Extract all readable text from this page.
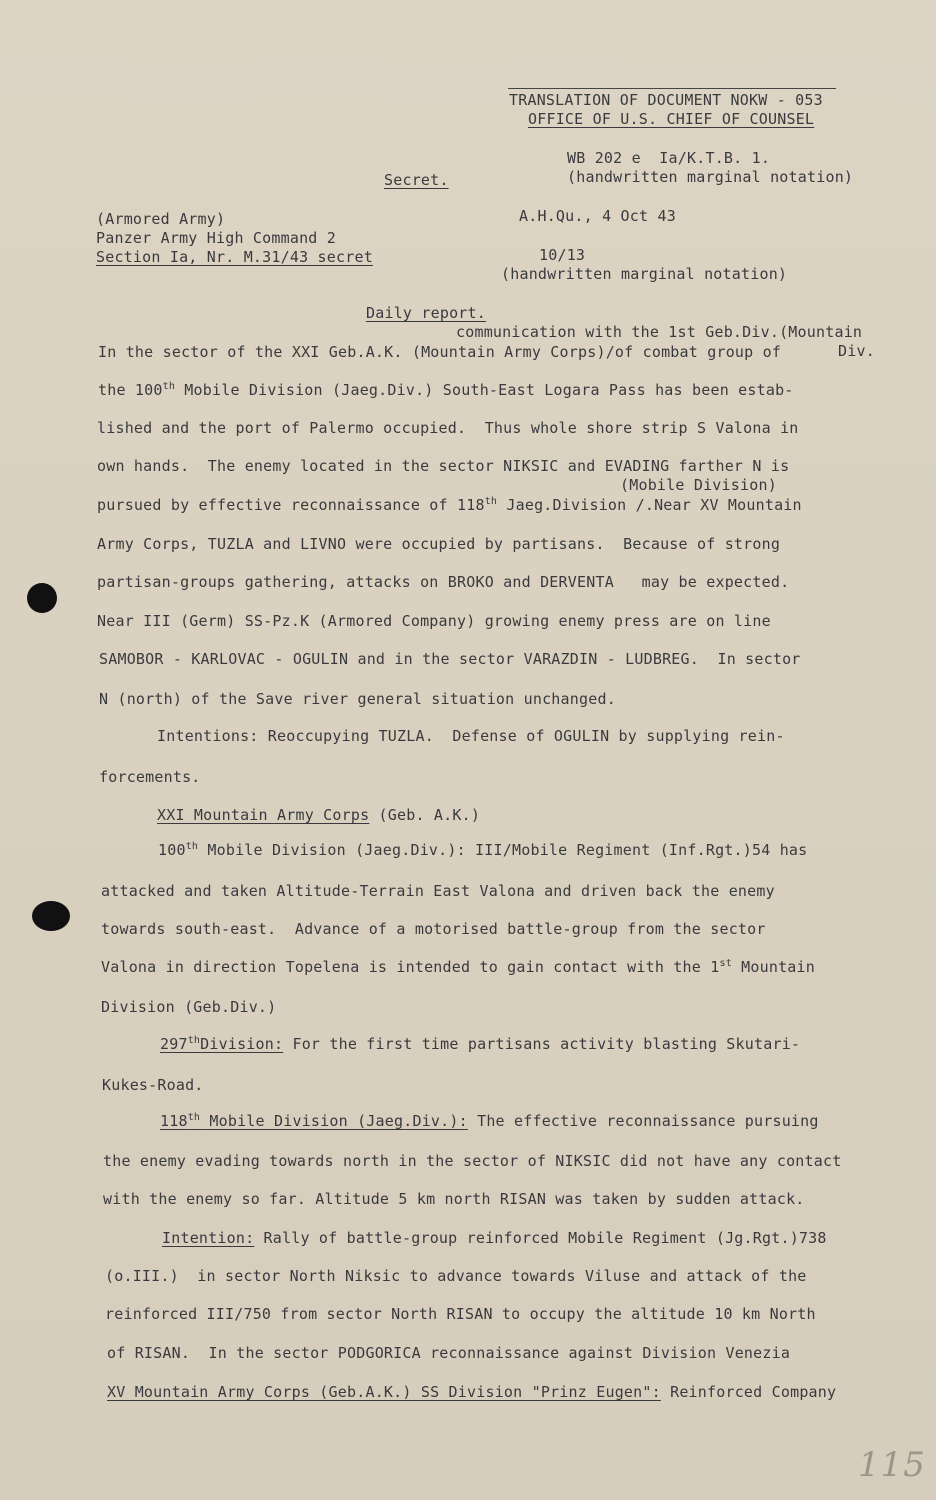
TRANSLATION OF DOCUMENT NOKW - 053
OFFICE OF U.S. CHIEF OF COUNSEL
WB 202 e  Ia/K.T.B. 1.
(handwritten marginal notation)
Secret.
(Armored Army)
Panzer Army High Command 2
Section Ia, Nr. M.31/43 secret
A.H.Qu., 4 Oct 43
10/13
(handwritten marginal notation)
Daily report.
communication with the 1st Geb.Div.(Mountain
In the sector of the XXI Geb.A.K. (Mountain Army Corps)/of combat group of	Div.
the 100th Mobile Division (Jaeg.Div.) South-East Logara Pass has been estab-
lished and the port of Palermo occupied.  Thus whole shore strip S Valona in
own hands.  The enemy located in the sector NIKSIC and EVADING farther N is
(Mobile Division)
pursued by effective reconnaissance of 118th Jaeg.Division /.Near XV Mountain
Army Corps, TUZLA and LIVNO were occupied by partisans.  Because of strong
partisan-groups gathering, attacks on BROKO and DERVENTA   may be expected.
Near III (Germ) SS-Pz.K (Armored Company) growing enemy press are on line
SAMOBOR - KARLOVAC - OGULIN and in the sector VARAZDIN - LUDBREG.  In sector
N (north) of the Save river general situation unchanged.
Intentions: Reoccupying TUZLA.  Defense of OGULIN by supplying rein-
forcements.
XXI Mountain Army Corps (Geb. A.K.)
100th Mobile Division (Jaeg.Div.): III/Mobile Regiment (Inf.Rgt.)54 has
attacked and taken Altitude-Terrain East Valona and driven back the enemy
towards south-east.  Advance of a motorised battle-group from the sector
Valona in direction Topelena is intended to gain contact with the 1st Mountain
Division (Geb.Div.)
297thDivision: For the first time partisans activity blasting Skutari-
Kukes-Road.
118th Mobile Division (Jaeg.Div.): The effective reconnaissance pursuing
the enemy evading towards north in the sector of NIKSIC did not have any contact
with the enemy so far. Altitude 5 km north RISAN was taken by sudden attack.
Intention: Rally of battle-group reinforced Mobile Regiment (Jg.Rgt.)738
(o.III.)  in sector North Niksic to advance towards Viluse and attack of the
reinforced III/750 from sector North RISAN to occupy the altitude 10 km North
of RISAN.  In the sector PODGORICA reconnaissance against Division Venezia
XV Mountain Army Corps (Geb.A.K.) SS Division "Prinz Eugen": Reinforced Company
115
